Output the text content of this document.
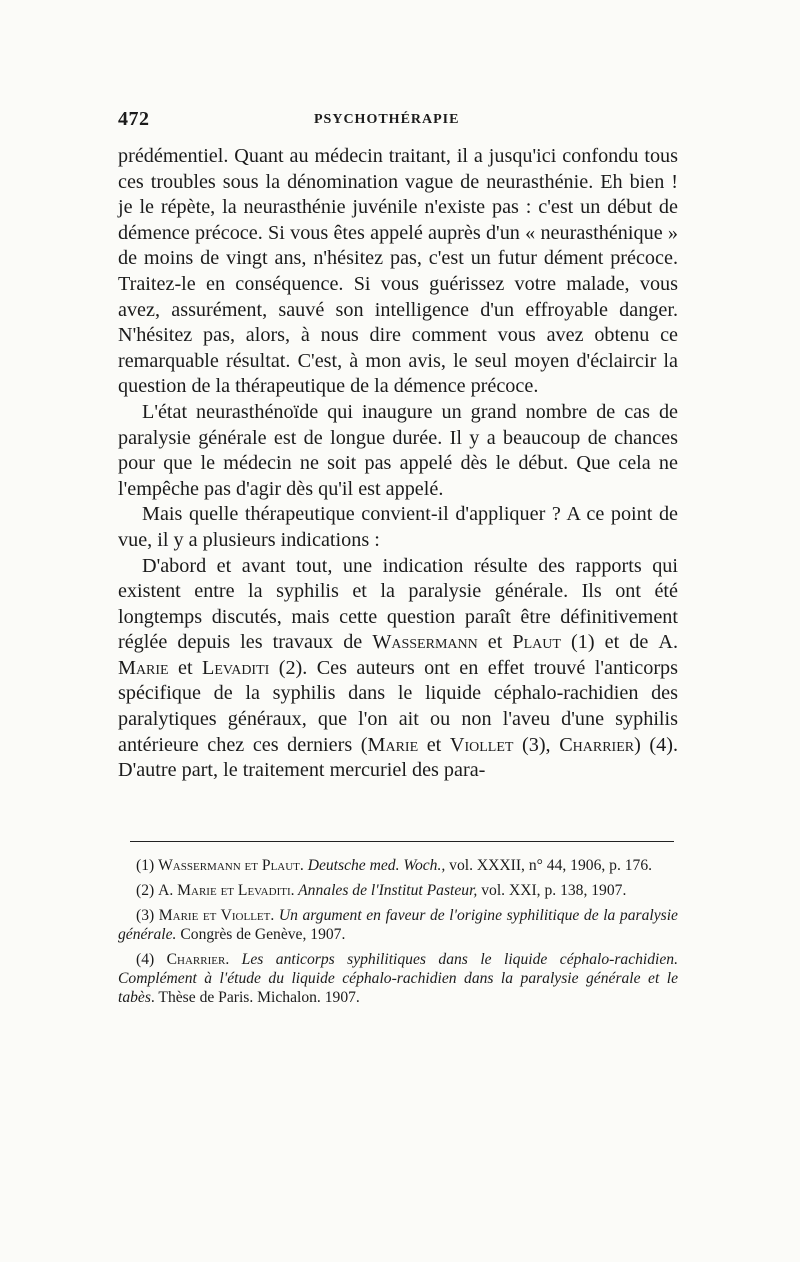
472	PSYCHOTHÉRAPIE

prédémentiel. Quant au médecin traitant, il a jusqu'ici confondu tous ces troubles sous la dénomination vague de neurasthénie. Eh bien ! je le répète, la neurasthénie juvénile n'existe pas : c'est un début de démence précoce. Si vous êtes appelé auprès d'un « neurasthénique » de moins de vingt ans, n'hésitez pas, c'est un futur dément précoce. Traitez-le en conséquence. Si vous guérissez votre malade, vous avez, assurément, sauvé son intelligence d'un effroyable danger. N'hésitez pas, alors, à nous dire comment vous avez obtenu ce remarquable résultat. C'est, à mon avis, le seul moyen d'éclaircir la question de la thérapeutique de la démence précoce.

L'état neurasthénoïde qui inaugure un grand nombre de cas de paralysie générale est de longue durée. Il y a beaucoup de chances pour que le médecin ne soit pas appelé dès le début. Que cela ne l'empêche pas d'agir dès qu'il est appelé.

Mais quelle thérapeutique convient-il d'appliquer ? A ce point de vue, il y a plusieurs indications :

D'abord et avant tout, une indication résulte des rapports qui existent entre la syphilis et la paralysie générale. Ils ont été longtemps discutés, mais cette question paraît être définitivement réglée depuis les travaux de Wassermann et Plaut (1) et de A. Marie et Levaditi (2). Ces auteurs ont en effet trouvé l'anticorps spécifique de la syphilis dans le liquide céphalo-rachidien des paralytiques généraux, que l'on ait ou non l'aveu d'une syphilis antérieure chez ces derniers (Marie et Viollet (3), Charrier) (4). D'autre part, le traitement mercuriel des para-

(1) Wassermann et Plaut. Deutsche med. Woch., vol. XXXII, n° 44, 1906, p. 176.

(2) A. Marie et Levaditi. Annales de l'Institut Pasteur, vol. XXI, p. 138, 1907.

(3) Marie et Viollet. Un argument en faveur de l'origine syphilitique de la paralysie générale. Congrès de Genève, 1907.

(4) Charrier. Les anticorps syphilitiques dans le liquide céphalo-rachidien. Complément à l'étude du liquide céphalo-rachidien dans la paralysie générale et le tabès. Thèse de Paris. Michalon. 1907.
